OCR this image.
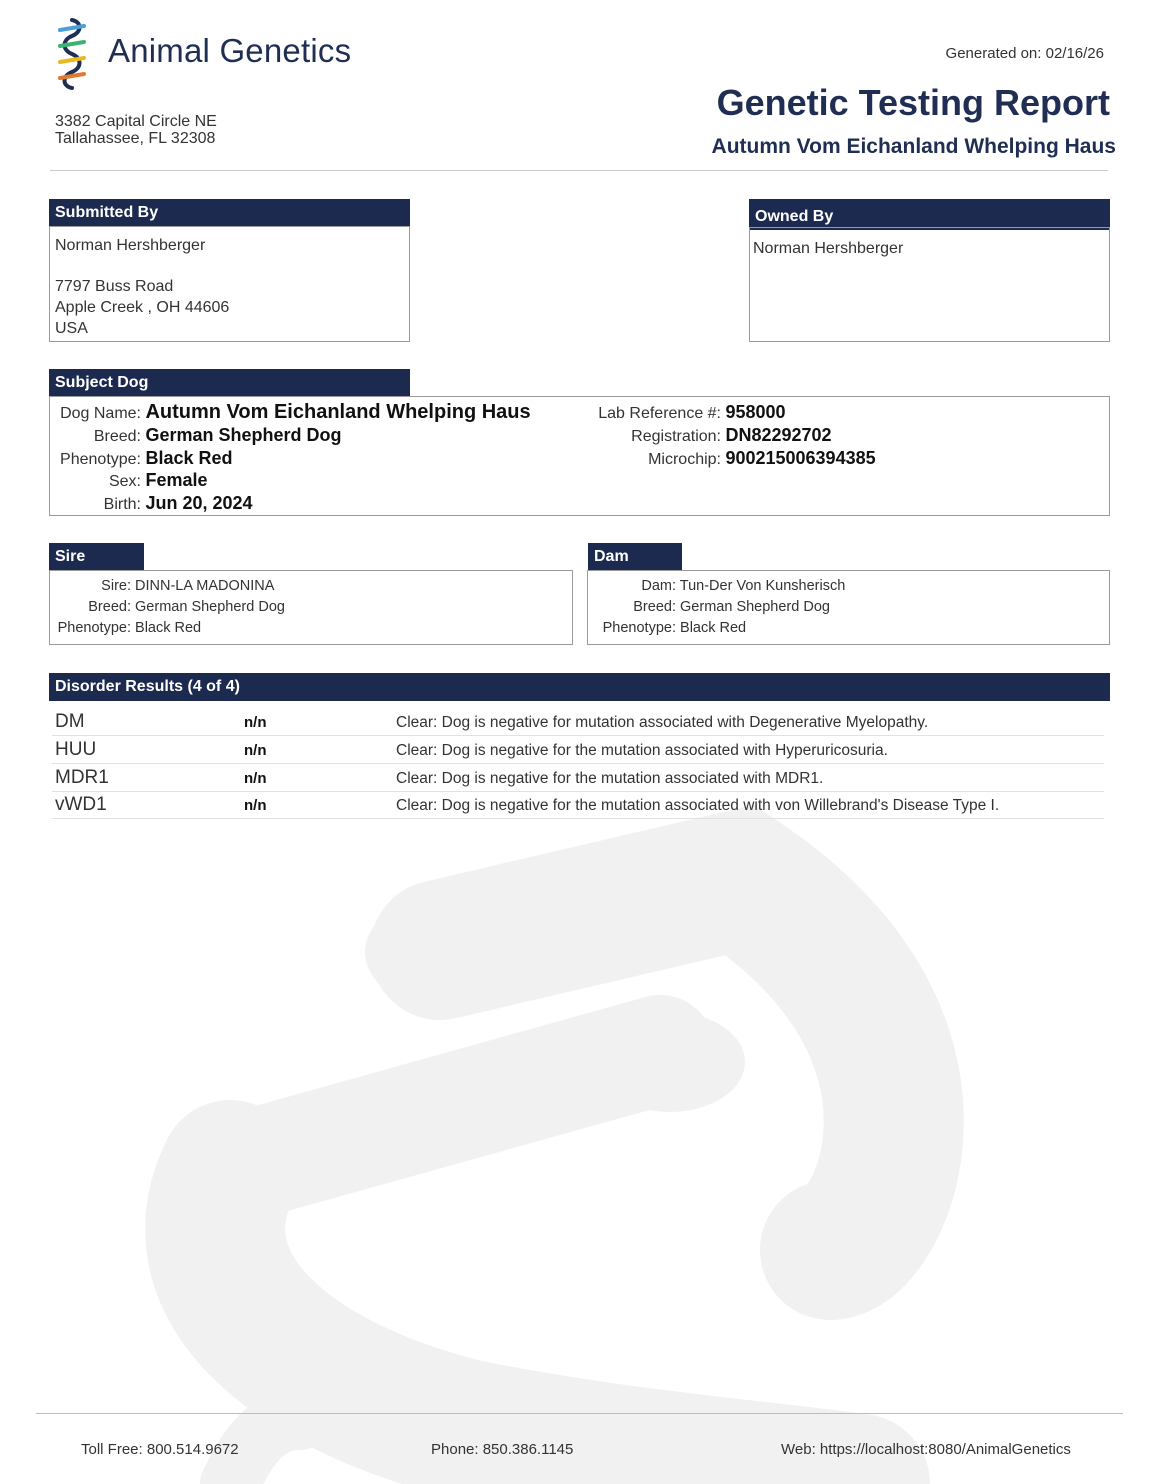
Animal Genetics
3382 Capital Circle NE
Tallahassee, FL 32308
Generated on: 02/16/26
Genetic Testing Report
Autumn Vom Eichanland Whelping Haus
Submitted By
Norman Hershberger
7797 Buss Road
Apple Creek , OH 44606
USA
Owned By
Norman Hershberger
Subject Dog
Dog Name: Autumn Vom Eichanland Whelping Haus
Breed: German Shepherd Dog
Phenotype: Black Red
Sex: Female
Birth: Jun 20, 2024
Lab Reference #: 958000
Registration: DN82292702
Microchip: 900215006394385
Sire
Sire: DINN-LA MADONINA
Breed: German Shepherd Dog
Phenotype: Black Red
Dam
Dam: Tun-Der Von Kunsherisch
Breed: German Shepherd Dog
Phenotype: Black Red
Disorder Results (4 of 4)
DM	n/n	Clear: Dog is negative for mutation associated with Degenerative Myelopathy.
HUU	n/n	Clear: Dog is negative for the mutation associated with Hyperuricosuria.
MDR1	n/n	Clear: Dog is negative for the mutation associated with MDR1.
vWD1	n/n	Clear: Dog is negative for the mutation associated with von Willebrand's Disease Type I.
Toll Free: 800.514.9672	Phone: 850.386.1145	Web: https://localhost:8080/AnimalGenetics
